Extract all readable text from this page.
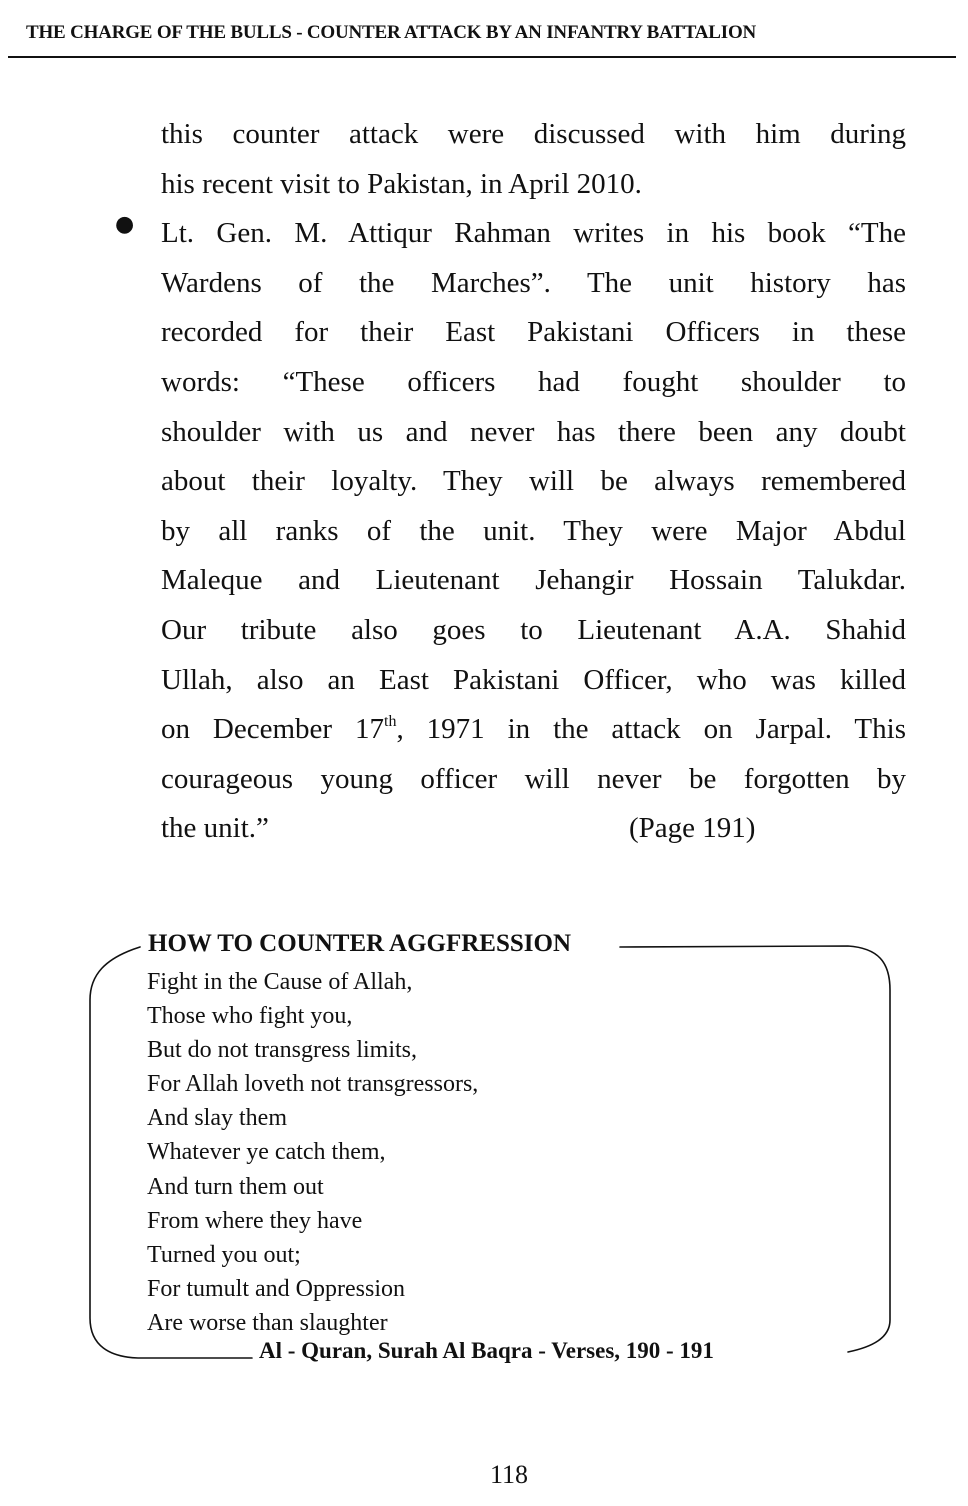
THE CHARGE OF THE BULLS - COUNTER ATTACK BY AN INFANTRY BATTALION
●
this counter attack were discussed with him during
his recent visit to Pakistan, in April 2010.
Lt. Gen. M. Attiqur Rahman writes in his book “The
Wardens of the Marches”. The unit history has
recorded for their East Pakistani Officers in these
words: “These officers had fought shoulder to
shoulder with us and never has there been any doubt
about their loyalty. They will be always remembered
by all ranks of the unit. They were Major Abdul
Maleque and Lieutenant Jehangir Hossain Talukdar.
Our tribute also goes to Lieutenant A.A. Shahid
Ullah, also an East Pakistani Officer, who was killed
on December 17th, 1971 in the attack on Jarpal. This
courageous young officer will never be forgotten by
the unit.”	(Page 191)
HOW TO COUNTER AGGFRESSION
Fight in the Cause of Allah,
Those who fight you,
But do not transgress limits,
For Allah loveth not transgressors,
And slay them
Whatever ye catch them,
And turn them out
From where they have
Turned you out;
For tumult and Oppression
Are worse than slaughter
Al - Quran, Surah Al Baqra - Verses, 190 - 191
118
